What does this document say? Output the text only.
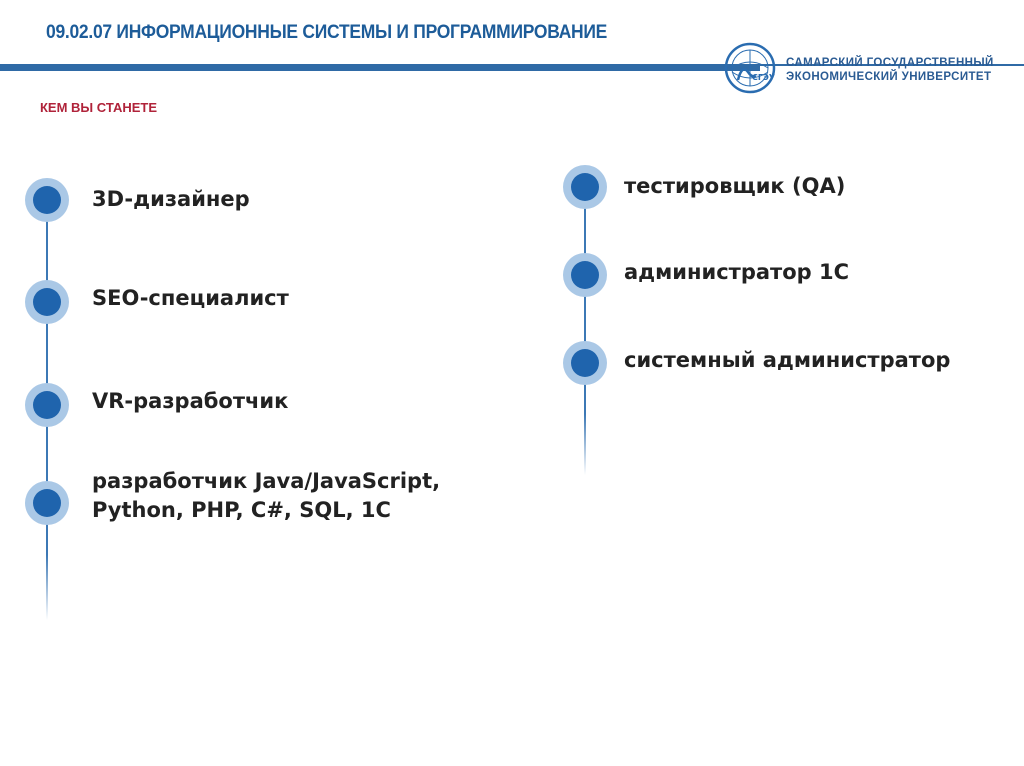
09.02.07 ИНФОРМАЦИОННЫЕ СИСТЕМЫ И ПРОГРАММИРОВАНИЕ
СГЭУ
САМАРСКИЙ ГОСУДАРСТВЕННЫЙ
ЭКОНОМИЧЕСКИЙ УНИВЕРСИТЕТ
КЕМ ВЫ СТАНЕТЕ
3D-дизайнер
SEO-специалист
VR-разработчик
разработчик Java/JavaScript, Python, PHP, C#, SQL, 1C
тестировщик (QA)
администратор 1С
системный администратор
